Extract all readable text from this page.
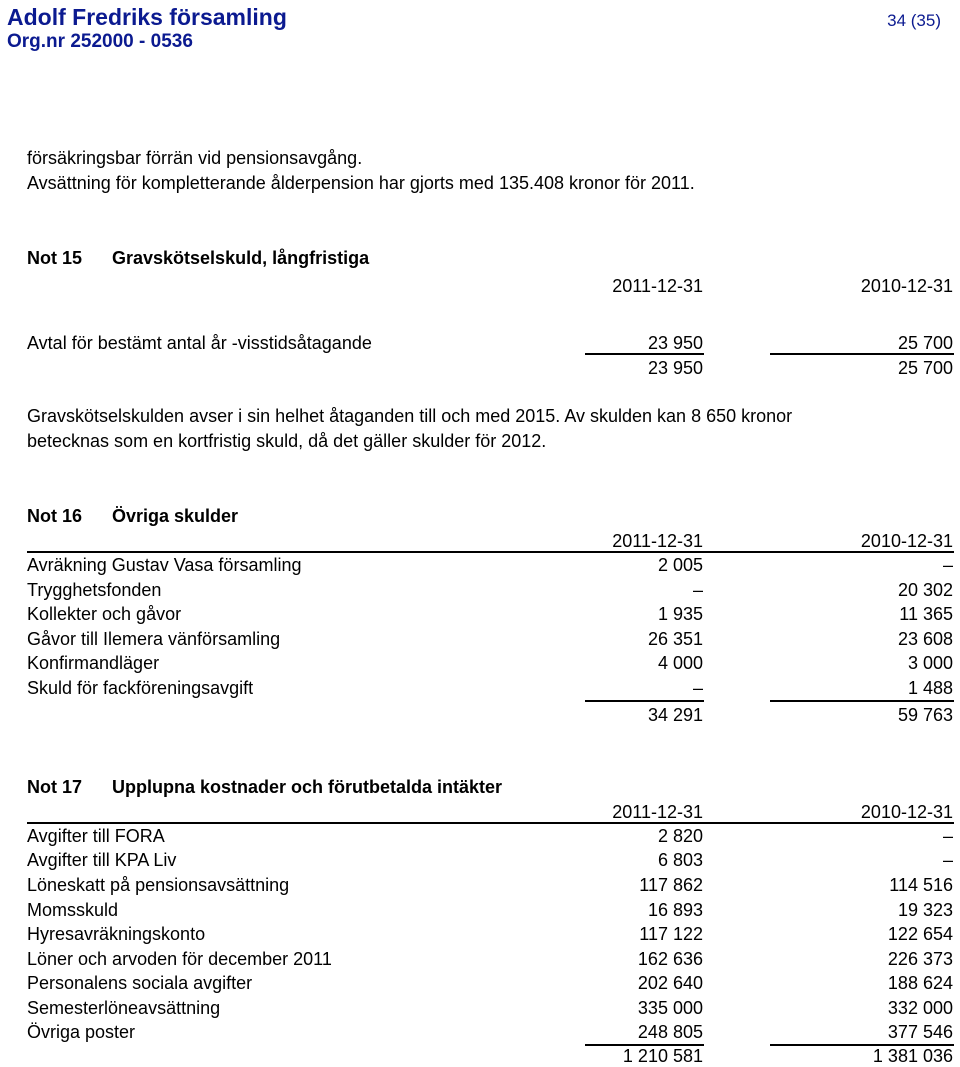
Adolf Fredriks församling
Org.nr 252000 - 0536
34 (35)
försäkringsbar förrän vid pensionsavgång.
Avsättning för kompletterande ålderpension har gjorts med 135.408 kronor för 2011.
Not 15 Gravskötselskuld, långfristiga
2011-12-31	2010-12-31
Avtal för bestämt antal år -visstidsåtagande	23 950	25 700
23 950	25 700
Gravskötselskulden avser i sin helhet åtaganden till och med 2015. Av skulden kan 8 650 kronor
betecknas som en kortfristig skuld, då det gäller skulder för 2012.
Not 16 Övriga skulder
2011-12-31	2010-12-31
Avräkning Gustav Vasa församling	2 005	–
Trygghetsfonden	–	20 302
Kollekter och gåvor	1 935	11 365
Gåvor till Ilemera vänförsamling	26 351	23 608
Konfirmandläger	4 000	3 000
Skuld för fackföreningsavgift	–	1 488
34 291	59 763
Not 17 Upplupna kostnader och förutbetalda intäkter
2011-12-31	2010-12-31
Avgifter till FORA	2 820	–
Avgifter till KPA Liv	6 803	–
Löneskatt på pensionsavsättning	117 862	114 516
Momsskuld	16 893	19 323
Hyresavräkningskonto	117 122	122 654
Löner och arvoden för december 2011	162 636	226 373
Personalens sociala avgifter	202 640	188 624
Semesterlöneavsättning	335 000	332 000
Övriga poster	248 805	377 546
1 210 581	1 381 036
